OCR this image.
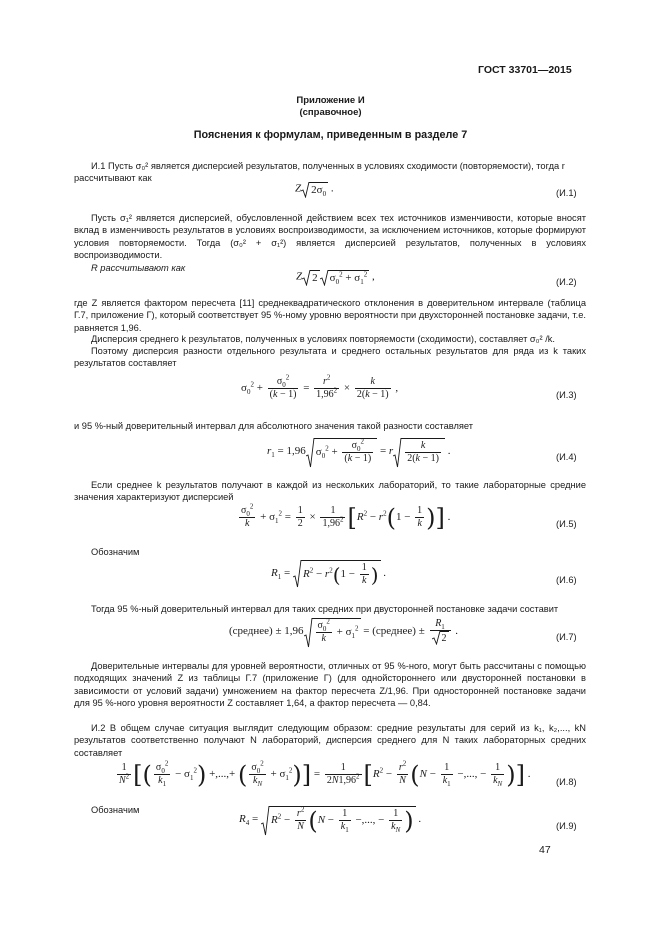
ГОСТ 33701—2015
Приложение И
(справочное)
Пояснения к формулам, приведенным в разделе 7
И.1 Пусть σ₀² является дисперсией результатов, полученных в условиях сходимости (повторяемости), тогда r
рассчитывают как
Z $2\sigma_0$ .	(И.1)
Пусть σ₁² является дисперсией, обусловленной действием всех тех источников изменчивости, которые вносят вклад в изменчивость результатов в условиях воспроизводимости, за исключением источников, которые формируют условия повторяемости. Тогда (σ₀² + σ₁²) является дисперсией результатов, полученных в условиях воспроизводимости.
R рассчитывают как
Z 2 $\sigma_0^2 + \sigma_1^2$ ,	(И.2)
где Z является фактором пересчета [11] среднеквадратического отклонения в доверительном интервале (таблица Г.7, приложение Г), который соответствует 95 %-ному уровню вероятности при двухсторонней постановке задачи, т.е. равняется 1,96.
Дисперсия среднего k результатов, полученных в условиях повторяемости (сходимости), составляет σ₀² /k.
Поэтому дисперсия разности отдельного результата и среднего остальных результатов для ряда из k таких результатов составляет
$\sigma_0^2 + \frac{\sigma_0^2}{(k - 1)} = \frac{r^2}{1,96^2} \times \frac{k}{2(k - 1)}$ ,
(И.3)
и 95 %-ный доверительный интервал для абсолютного значения такой разности составляет
$r_1 = 1,96$ $\sigma_0^2 + \frac{\sigma_0^2}{(k - 1)} = r \frac{k}{2(k - 1)}$ .	(И.4)
Если среднее k результатов получают в каждой из нескольких лабораторий, то такие лабораторные средние значения характеризуют дисперсией
$\frac{\sigma_0^2}{k} + \sigma_1^2 = \frac{1}{2} \times \frac{1}{1,96^2} [R^2 - r^2(1 - \frac{1}{k}$ )] .
(И.5)
Обозначим
$R_1$ =
$R^2 - r^2(1 - \frac{1}{k}$ ) .
(И.6)
Тогда 95 %-ный доверительный интервал для таких средних при двусторонней постановке задачи составит
(среднее) ± $1,96 \frac{\sigma_0^2}{k} + \sigma_1^2$ = (среднее) ± $\frac{R_1}{2}$ .	(И.7)
Доверительные интервалы для уровней вероятности, отличных от 95 %-ного, могут быть рассчитаны с помощью подходящих значений Z из таблицы Г.7 (приложение Г) (для однойстороннего или двусторонней постановки в зависимости от условий задачи) умножением на фактор пересчета Z/1,96. При односторонней постановке задачи для 95 %-ного уровня вероятности Z составляет 1,64, а фактор пересчета — 0,84.
И.2 В общем случае ситуация выглядит следующим образом: средние результаты для серий из k₁, k₂,..., kN результатов соответственно получают N лабораторий, дисперсия среднего для N таких лабораторных средних составляет
$\frac{1}{N^2}$ [( $\frac{\sigma_0^2}{k_1} - \sigma_1^2$) +,...,+ ( $\frac{\sigma_0^2}{k_N} + \sigma_1^2)] = \frac{1}{2N1,96^2} [R^2 - \frac{r^2}{N} (N - \frac{1}{k_1}$ −,..., − $\frac{1}{k_N}$ )] .
(И.8)
Обозначим
$R_4$ =
$R^2 - \frac{r^2}{N} (N - \frac{1}{k_1}$ −,..., − $\frac{1}{k_N}$ ) .
(И.9)
47
